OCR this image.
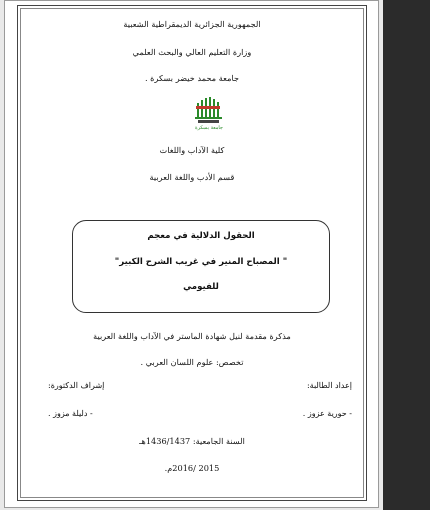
الجمهورية الجزائرية الديمقراطية الشعبية
وزارة التعليم العالي والبحث العلمي
جامعة محمد خيضر بسكرة .
جامعة بسكرة
كلية الآداب واللغات
قسم الأدب واللغة العربية
الحقول الدلالية في معجم
" المصباح المنير في غريب الشرح الكبير"
للفيومي
مذكرة مقدمة لنيل شهادة الماستر في الآداب واللغة العربية
تخصص: علوم اللسان العربي .
إعداد الطالبة:
إشراف الدكتورة:
- حورية عزوز .
- دليلة مزوز .
السنة الجامعية: 1436/1437هـ
2015 /2016م.
